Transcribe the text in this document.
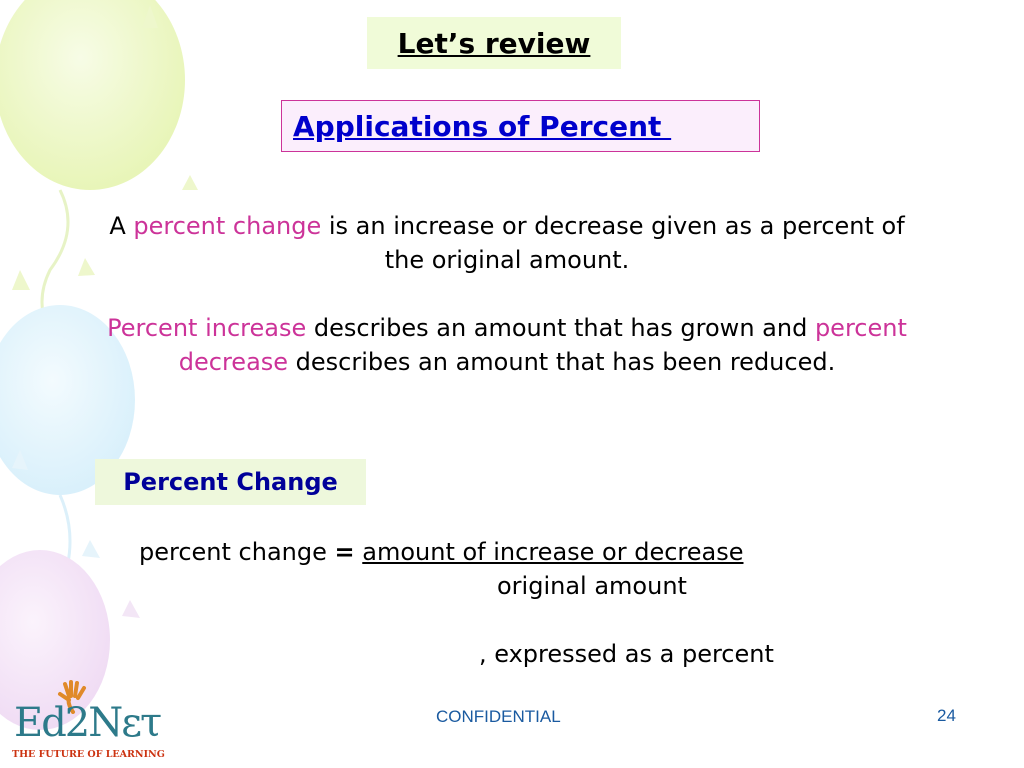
Let’s review
Applications of Percent
A percent change is an increase or decrease given as a percent of the original amount.
Percent increase describes an amount that has grown and percent decrease describes an amount that has been reduced.
Percent Change
percent change = amount of increase or decrease
original amount
, expressed as a percent
Ed2Nετ
THE FUTURE OF LEARNING
CONFIDENTIAL	24
